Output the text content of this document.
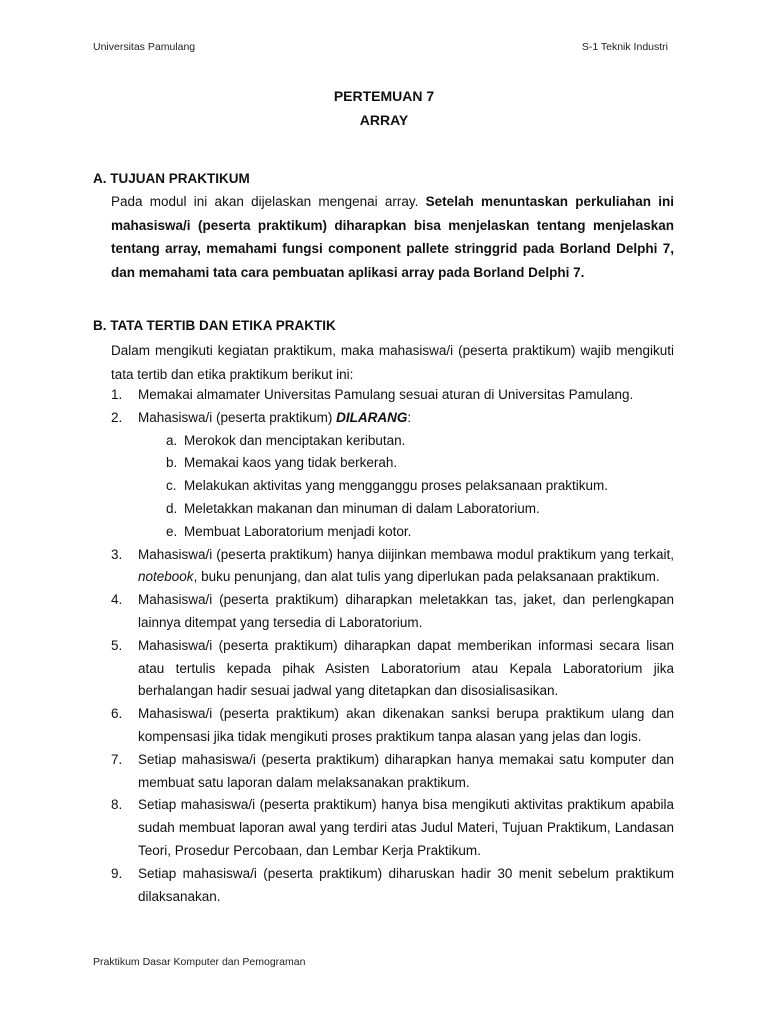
Universitas Pamulang	S-1 Teknik Industri
PERTEMUAN 7
ARRAY
A. TUJUAN PRAKTIKUM

Pada modul ini akan dijelaskan mengenai array. Setelah menuntaskan perkuliahan ini mahasiswa/i (peserta praktikum) diharapkan bisa menjelaskan tentang menjelaskan tentang array, memahami fungsi component pallete stringgrid pada Borland Delphi 7, dan memahami tata cara pembuatan aplikasi array pada Borland Delphi 7.

B. TATA TERTIB DAN ETIKA PRAKTIK

Dalam mengikuti kegiatan praktikum, maka mahasiswa/i (peserta praktikum) wajib mengikuti tata tertib dan etika praktikum berikut ini:

1. Memakai almamater Universitas Pamulang sesuai aturan di Universitas Pamulang.
2. Mahasiswa/i (peserta praktikum) DILARANG:
a. Merokok dan menciptakan keributan.
b. Memakai kaos yang tidak berkerah.
c. Melakukan aktivitas yang mengganggu proses pelaksanaan praktikum.
d. Meletakkan makanan dan minuman di dalam Laboratorium.
e. Membuat Laboratorium menjadi kotor.
3. Mahasiswa/i (peserta praktikum) hanya diijinkan membawa modul praktikum yang terkait, notebook, buku penunjang, dan alat tulis yang diperlukan pada pelaksanaan praktikum.
4. Mahasiswa/i (peserta praktikum) diharapkan meletakkan tas, jaket, dan perlengkapan lainnya ditempat yang tersedia di Laboratorium.
5. Mahasiswa/i (peserta praktikum) diharapkan dapat memberikan informasi secara lisan atau tertulis kepada pihak Asisten Laboratorium atau Kepala Laboratorium jika berhalangan hadir sesuai jadwal yang ditetapkan dan disosialisasikan.
6. Mahasiswa/i (peserta praktikum) akan dikenakan sanksi berupa praktikum ulang dan kompensasi jika tidak mengikuti proses praktikum tanpa alasan yang jelas dan logis.
7. Setiap mahasiswa/i (peserta praktikum) diharapkan hanya memakai satu komputer dan membuat satu laporan dalam melaksanakan praktikum.
8. Setiap mahasiswa/i (peserta praktikum) hanya bisa mengikuti aktivitas praktikum apabila sudah membuat laporan awal yang terdiri atas Judul Materi, Tujuan Praktikum, Landasan Teori, Prosedur Percobaan, dan Lembar Kerja Praktikum.
9. Setiap mahasiswa/i (peserta praktikum) diharuskan hadir 30 menit sebelum praktikum dilaksanakan.
Praktikum Dasar Komputer dan Pemograman
